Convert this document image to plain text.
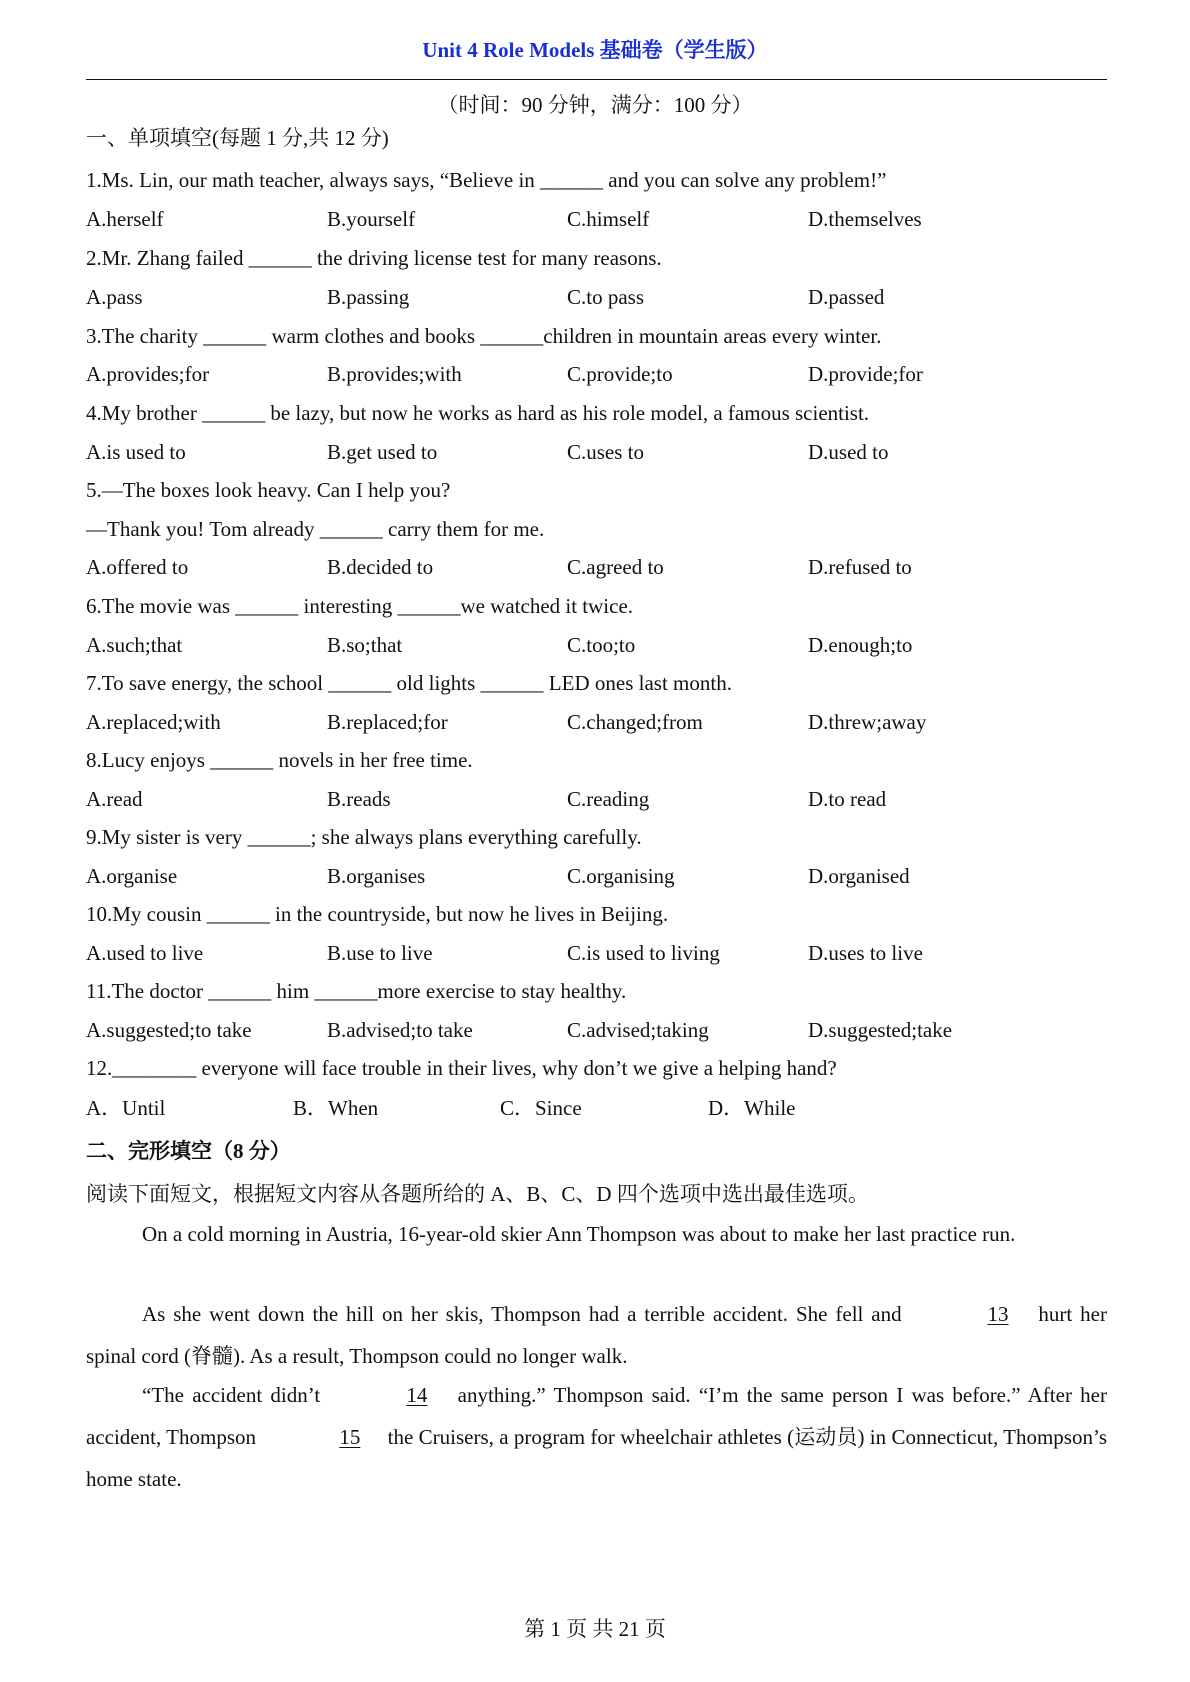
Unit 4 Role Models 基础卷（学生版）
（时间：90 分钟，满分：100 分）
一、单项填空(每题 1 分,共 12 分)
1.Ms. Lin, our math teacher, always says, “Believe in ______ and you can solve any problem!”
A.herself	B.yourself	C.himself	D.themselves
2.Mr. Zhang failed ______ the driving license test for many reasons.
A.pass	B.passing	C.to pass	D.passed
3.The charity ______ warm clothes and books ______children in mountain areas every winter.
A.provides;for	B.provides;with	C.provide;to	D.provide;for
4.My brother ______ be lazy, but now he works as hard as his role model, a famous scientist.
A.is used to	B.get used to	C.uses to	D.used to
5.—The boxes look heavy. Can I help you?
—Thank you! Tom already ______ carry them for me.
A.offered to	B.decided to	C.agreed to	D.refused to
6.The movie was ______ interesting ______we watched it twice.
A.such;that	B.so;that	C.too;to	D.enough;to
7.To save energy, the school ______ old lights ______ LED ones last month.
A.replaced;with	B.replaced;for	C.changed;from	D.threw;away
8.Lucy enjoys ______ novels in her free time.
A.read	B.reads	C.reading	D.to read
9.My sister is very ______; she always plans everything carefully.
A.organise	B.organises	C.organising	D.organised
10.My cousin ______ in the countryside, but now he lives in Beijing.
A.used to live	B.use to live	C.is used to living	D.uses to live
11.The doctor ______ him ______more exercise to stay healthy.
A.suggested;to take	B.advised;to take	C.advised;taking	D.suggested;take
12.________ everyone will face trouble in their lives, why don’t we give a helping hand?
A．Until	B．When	C．Since	D．While
二、完形填空（8 分）
阅读下面短文，根据短文内容从各题所给的 A、B、C、D 四个选项中选出最佳选项。
On a cold morning in Austria, 16-year-old skier Ann Thompson was about to make her last practice run.
As she went down the hill on her skis, Thompson had a terrible accident. She fell and	13 hurt her spinal cord (脊髓). As a result, Thompson could no longer walk.
“The accident didn’t	14 anything.” Thompson said. “I’m the same person I was before.” After her accident, Thompson	15 the Cruisers, a program for wheelchair athletes (运动员) in Connecticut, Thompson’s home state.
第 1 页 共 21 页
